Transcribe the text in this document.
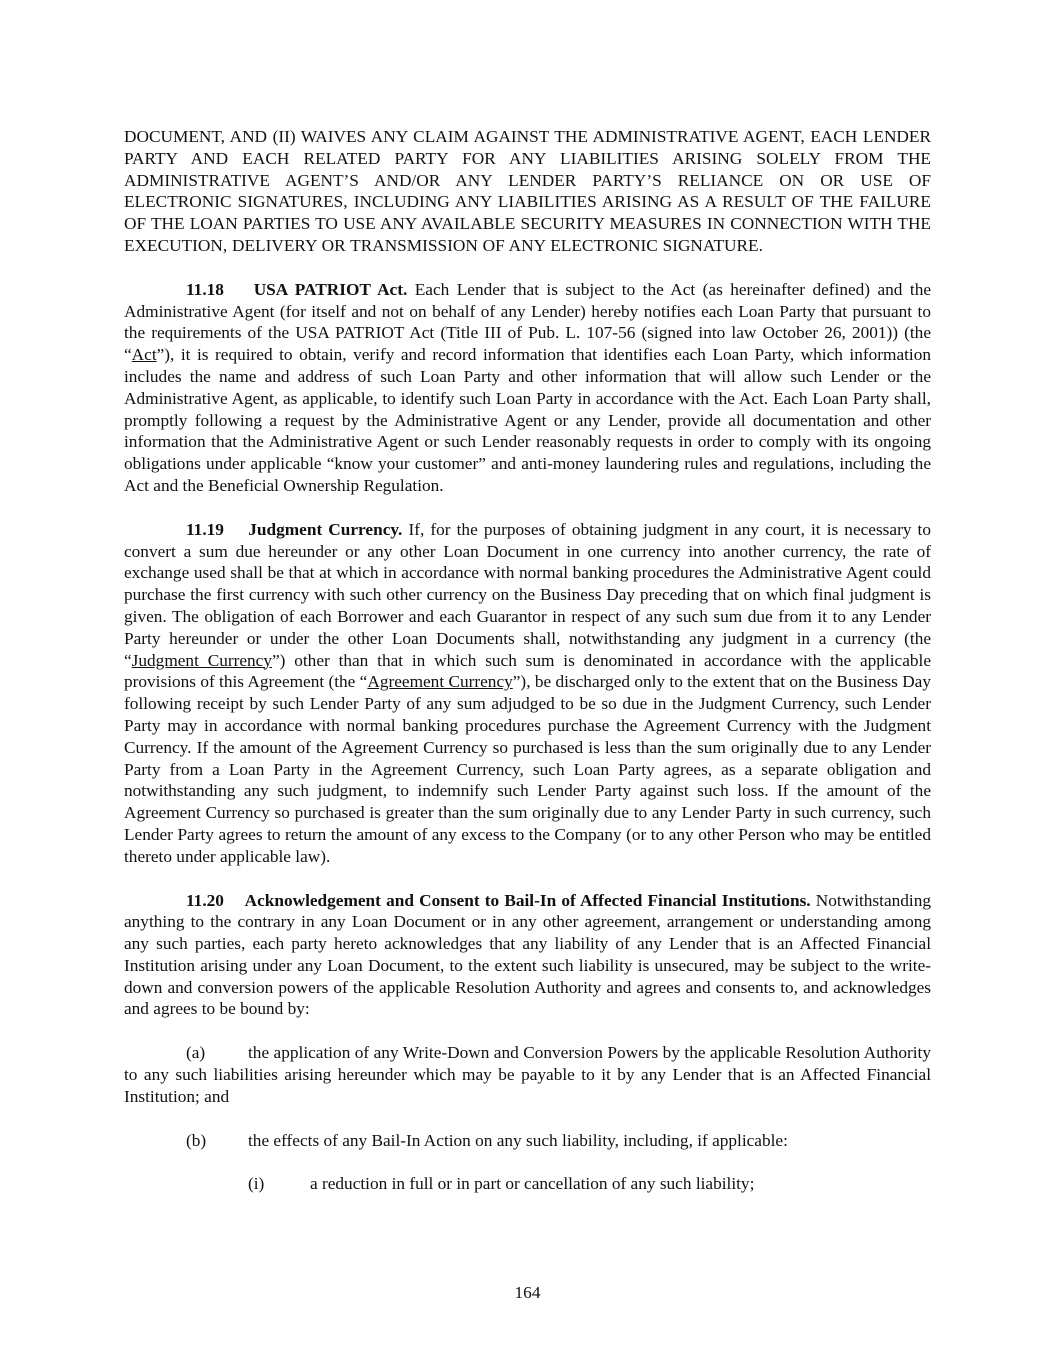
DOCUMENT, AND (II) WAIVES ANY CLAIM AGAINST THE ADMINISTRATIVE AGENT, EACH LENDER PARTY AND EACH RELATED PARTY FOR ANY LIABILITIES ARISING SOLELY FROM THE ADMINISTRATIVE AGENT’S AND/OR ANY LENDER PARTY’S RELIANCE ON OR USE OF ELECTRONIC SIGNATURES, INCLUDING ANY LIABILITIES ARISING AS A RESULT OF THE FAILURE OF THE LOAN PARTIES TO USE ANY AVAILABLE SECURITY MEASURES IN CONNECTION WITH THE EXECUTION, DELIVERY OR TRANSMISSION OF ANY ELECTRONIC SIGNATURE.

11.18 USA PATRIOT Act. Each Lender that is subject to the Act (as hereinafter defined) and the Administrative Agent (for itself and not on behalf of any Lender) hereby notifies each Loan Party that pursuant to the requirements of the USA PATRIOT Act (Title III of Pub. L. 107-56 (signed into law October 26, 2001)) (the “Act”), it is required to obtain, verify and record information that identifies each Loan Party, which information includes the name and address of such Loan Party and other information that will allow such Lender or the Administrative Agent, as applicable, to identify such Loan Party in accordance with the Act. Each Loan Party shall, promptly following a request by the Administrative Agent or any Lender, provide all documentation and other information that the Administrative Agent or such Lender reasonably requests in order to comply with its ongoing obligations under applicable “know your customer” and anti-money laundering rules and regulations, including the Act and the Beneficial Ownership Regulation.

11.19 Judgment Currency. If, for the purposes of obtaining judgment in any court, it is necessary to convert a sum due hereunder or any other Loan Document in one currency into another currency, the rate of exchange used shall be that at which in accordance with normal banking procedures the Administrative Agent could purchase the first currency with such other currency on the Business Day preceding that on which final judgment is given. The obligation of each Borrower and each Guarantor in respect of any such sum due from it to any Lender Party hereunder or under the other Loan Documents shall, notwithstanding any judgment in a currency (the “Judgment Currency”) other than that in which such sum is denominated in accordance with the applicable provisions of this Agreement (the “Agreement Currency”), be discharged only to the extent that on the Business Day following receipt by such Lender Party of any sum adjudged to be so due in the Judgment Currency, such Lender Party may in accordance with normal banking procedures purchase the Agreement Currency with the Judgment Currency. If the amount of the Agreement Currency so purchased is less than the sum originally due to any Lender Party from a Loan Party in the Agreement Currency, such Loan Party agrees, as a separate obligation and notwithstanding any such judgment, to indemnify such Lender Party against such loss. If the amount of the Agreement Currency so purchased is greater than the sum originally due to any Lender Party in such currency, such Lender Party agrees to return the amount of any excess to the Company (or to any other Person who may be entitled thereto under applicable law).

11.20 Acknowledgement and Consent to Bail-In of Affected Financial Institutions. Notwithstanding anything to the contrary in any Loan Document or in any other agreement, arrangement or understanding among any such parties, each party hereto acknowledges that any liability of any Lender that is an Affected Financial Institution arising under any Loan Document, to the extent such liability is unsecured, may be subject to the write- down and conversion powers of the applicable Resolution Authority and agrees and consents to, and acknowledges and agrees to be bound by:

(a) the application of any Write-Down and Conversion Powers by the applicable Resolution Authority to any such liabilities arising hereunder which may be payable to it by any Lender that is an Affected Financial Institution; and

(b)	the effects of any Bail-In Action on any such liability, including, if applicable:
(i)	a reduction in full or in part or cancellation of any such liability;
164
